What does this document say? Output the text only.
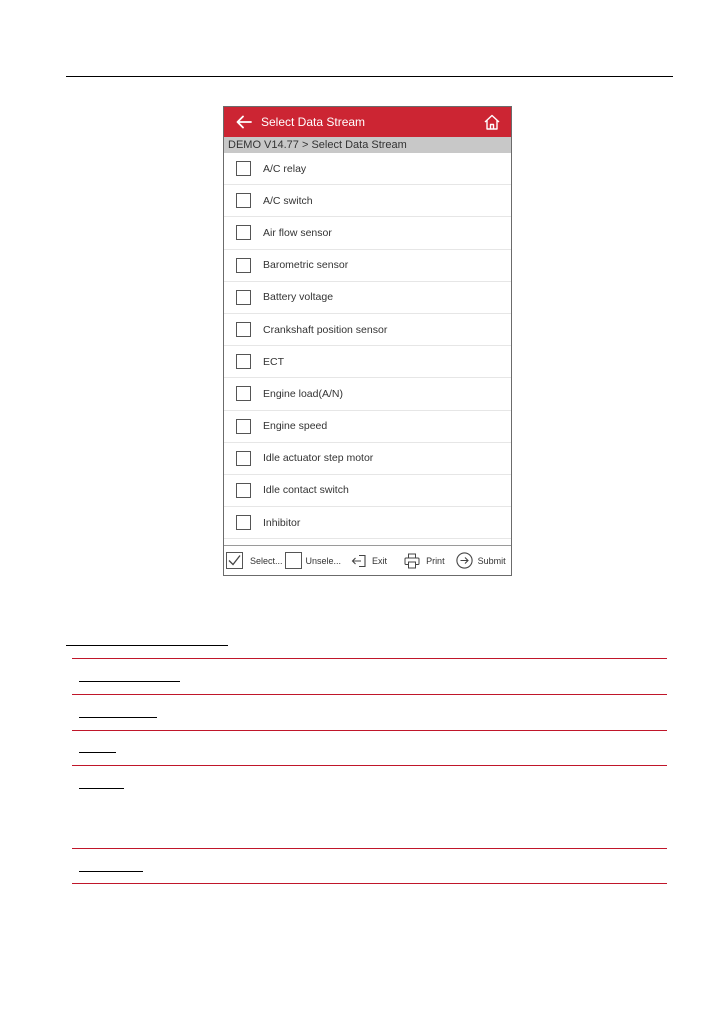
Select Data Stream
DEMO V14.77 > Select Data Stream
A/C relay
A/C switch
Air flow sensor
Barometric sensor
Battery voltage
Crankshaft position sensor
ECT
Engine load(A/N)
Engine speed
Idle actuator step motor
Idle contact switch
Inhibitor
Select...	Unsele...	Exit	Print	Submit
